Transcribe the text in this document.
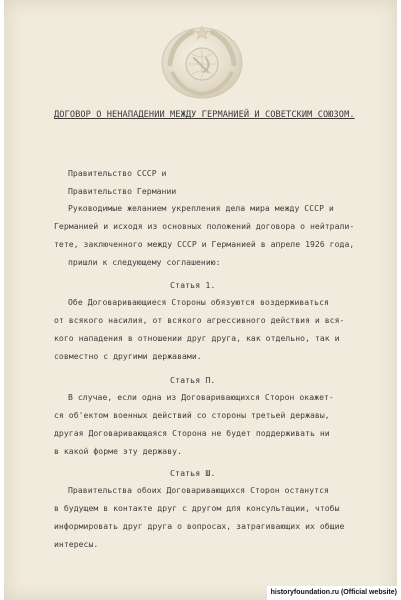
ДОГОВОР О НЕНАПАДЕНИИ МЕЖДУ ГЕРМАНИЕЙ И СОВЕТСКИМ СОЮЗОМ.
Правительство СССР и
Правительство Германии
Руководимые желанием укрепления дела мира между СССР и
Германией и исходя из основных положений договора о нейтрали-
тете, заключенного между СССР и Германией в апреле 1926 года,
пришли к следующему соглашению:
Статья 1.
Обе Договаривающиеся Стороны обязуются воздерживаться
от всякого насилия, от всякого агрессивного действия и вся-
кого нападения в отношении друг друга, как отдельно, так и
совместно с другими державами.
Статья П.
В случае, если одна из Договаривающихся Сторон окажет-
ся об'ектом военных действий со стороны третьей державы,
другая Договаривающаяся Сторона не будет поддерживать ни
в какой форме эту державу.
Статья Ш.
Правительства обоих Договаривающихся Сторон останутся
в будущем в контакте друг с другом для консультации, чтобы
информировать друг друга о вопросах, затрагивающих их общие
интересы.
historyfoundation.ru (Official website)
